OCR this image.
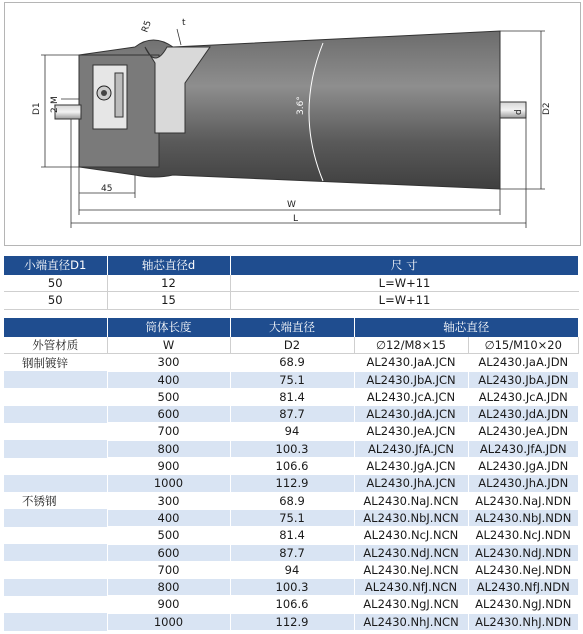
R5	t
D1 2-M	3.6°	d D2
45
W
L
小端直径D1	轴芯直径d	尺 寸
50	12	L=W+11
50	15	L=W+11
	筒体长度	大端直径	轴芯直径	
外管材质	W	D2	∅12/M8×15	∅15/M10×20
钢制镀锌	300	68.9	AL2430.JaA.JCN	AL2430.JaA.JDN
	400	75.1	AL2430.JbA.JCN	AL2430.JbA.JDN
	500	81.4	AL2430.JcA.JCN	AL2430.JcA.JDN
	600	87.7	AL2430.JdA.JCN	AL2430.JdA.JDN
	700	94	AL2430.JeA.JCN	AL2430.JeA.JDN
	800	100.3	AL2430.JfA.JCN	AL2430.JfA.JDN
	900	106.6	AL2430.JgA.JCN	AL2430.JgA.JDN
	1000	112.9	AL2430.JhA.JCN	AL2430.JhA.JDN
不锈钢	300	68.9	AL2430.NaJ.NCN	AL2430.NaJ.NDN
	400	75.1	AL2430.NbJ.NCN	AL2430.NbJ.NDN
	500	81.4	AL2430.NcJ.NCN	AL2430.NcJ.NDN
	600	87.7	AL2430.NdJ.NCN	AL2430.NdJ.NDN
	700	94	AL2430.NeJ.NCN	AL2430.NeJ.NDN
	800	100.3	AL2430.NfJ.NCN	AL2430.NfJ.NDN
	900	106.6	AL2430.NgJ.NCN	AL2430.NgJ.NDN
	1000	112.9	AL2430.NhJ.NCN	AL2430.NhJ.NDN
